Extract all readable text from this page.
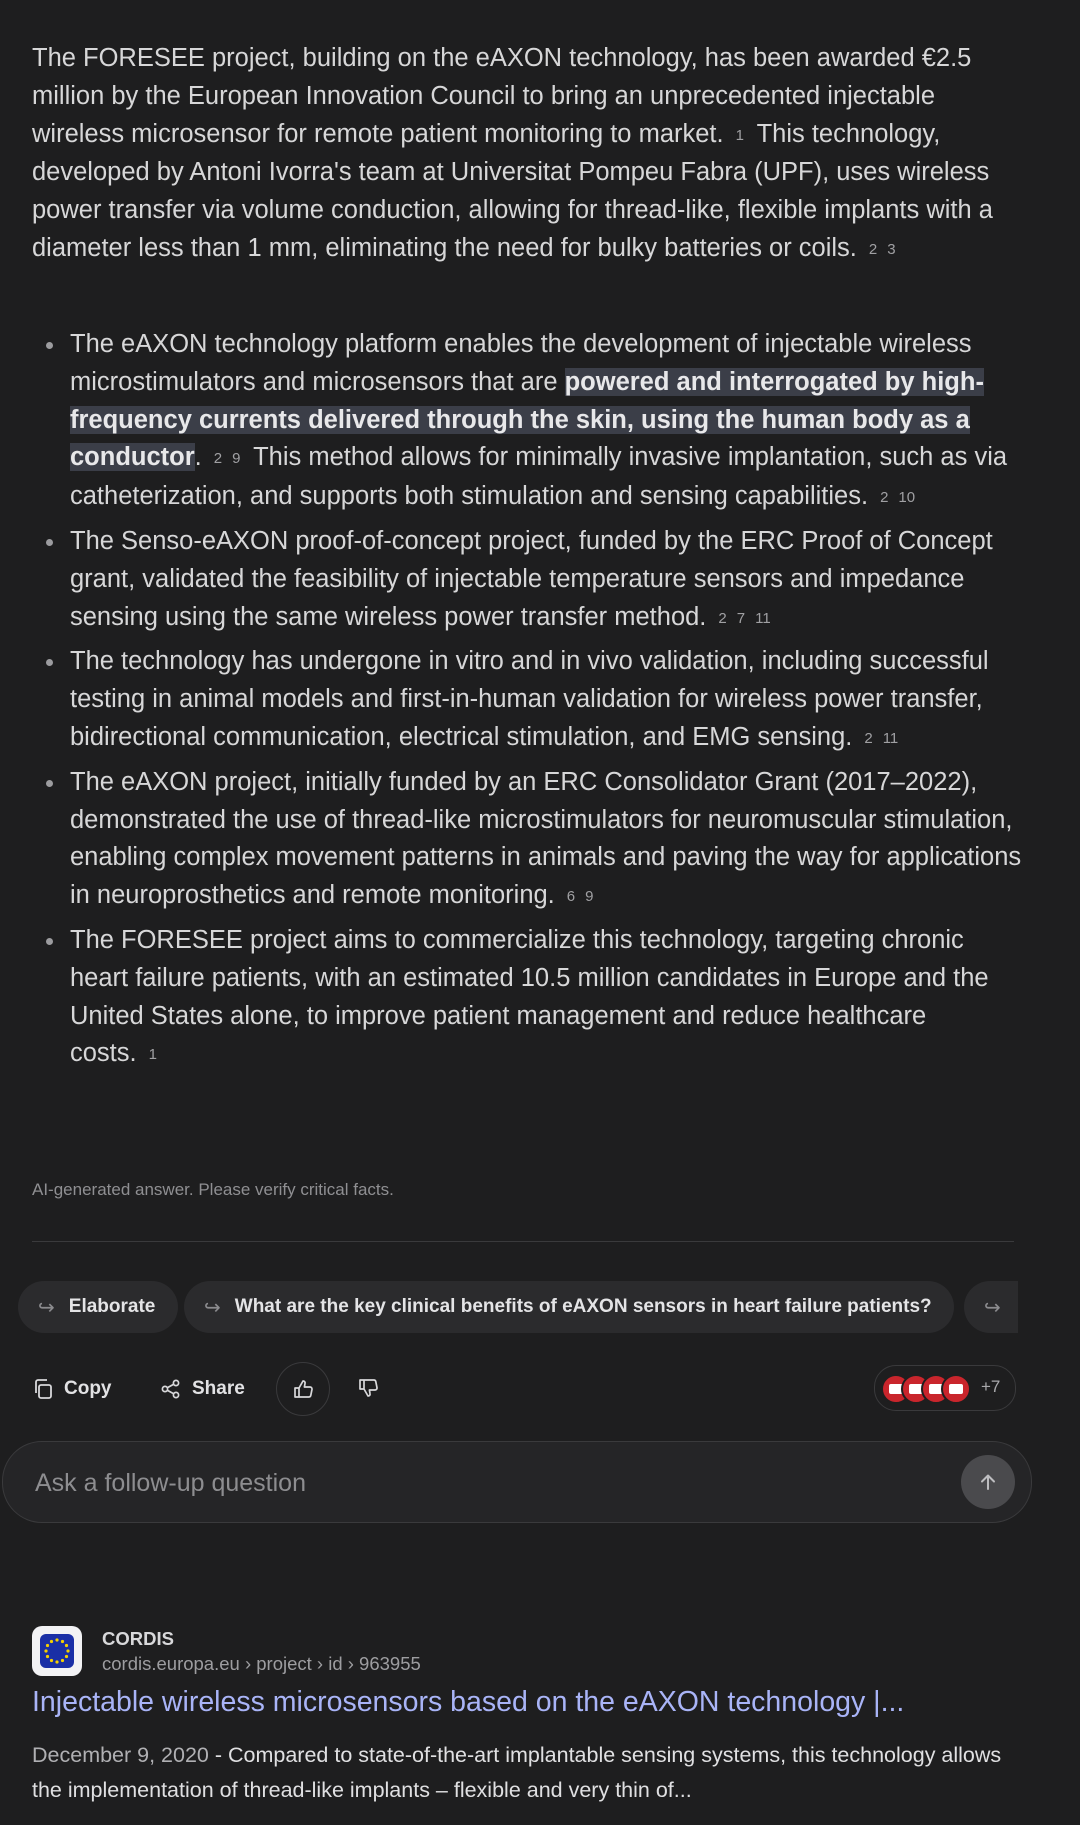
The FORESEE project, building on the eAXON technology, has been awarded €2.5 million by the European Innovation Council to bring an unprecedented injectable wireless microsensor for remote patient monitoring to market. 1 This technology, developed by Antoni Ivorra's team at Universitat Pompeu Fabra (UPF), uses wireless power transfer via volume conduction, allowing for thread-like, flexible implants with a diameter less than 1 mm, eliminating the need for bulky batteries or coils. 2 3
The eAXON technology platform enables the development of injectable wireless microstimulators and microsensors that are powered and interrogated by high-frequency currents delivered through the skin, using the human body as a conductor. 2 9 This method allows for minimally invasive implantation, such as via catheterization, and supports both stimulation and sensing capabilities. 2 10
The Senso-eAXON proof-of-concept project, funded by the ERC Proof of Concept grant, validated the feasibility of injectable temperature sensors and impedance sensing using the same wireless power transfer method. 2 7 11
The technology has undergone in vitro and in vivo validation, including successful testing in animal models and first-in-human validation for wireless power transfer, bidirectional communication, electrical stimulation, and EMG sensing. 2 11
The eAXON project, initially funded by an ERC Consolidator Grant (2017–2022), demonstrated the use of thread-like microstimulators for neuromuscular stimulation, enabling complex movement patterns in animals and paving the way for applications in neuroprosthetics and remote monitoring. 6 9
The FORESEE project aims to commercialize this technology, targeting chronic heart failure patients, with an estimated 10.5 million candidates in Europe and the United States alone, to improve patient management and reduce healthcare costs. 1
AI-generated answer. Please verify critical facts.
↪ Elaborate ↪ What are the key clinical benefits of eAXON sensors in heart failure patients?	↪
Copy	Share	+7
Ask a follow-up question
CORDIS
cordis.europa.eu › project › id › 963955
Injectable wireless microsensors based on the eAXON technology |...
December 9, 2020 - Compared to state-of-the-art implantable sensing systems, this technology allows the implementation of thread-like implants – flexible and very thin of...
